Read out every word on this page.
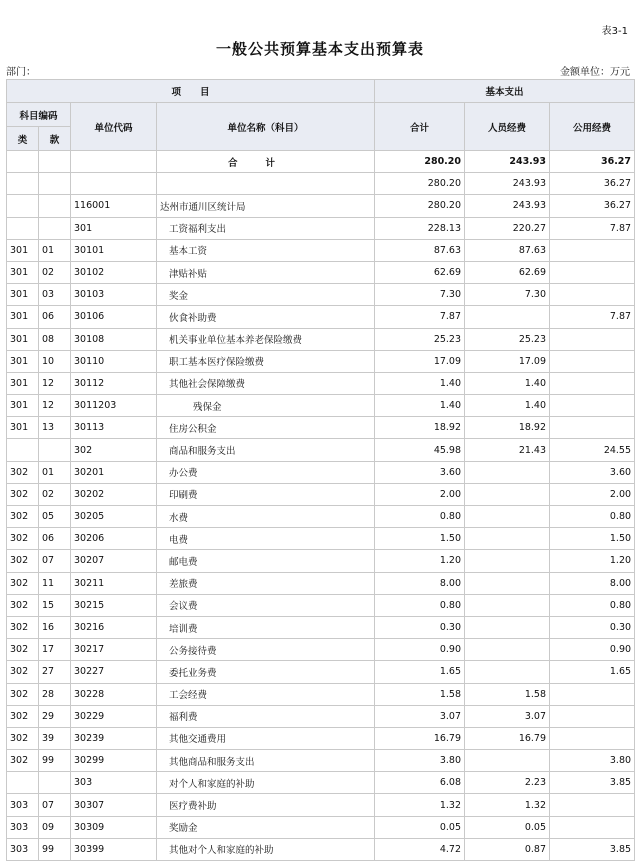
表3-1
一般公共预算基本支出预算表
部门：	金额单位：万元
项　　目				基本支出		
科目编码		单位代码	单位名称（科目）	合计	人员经费	公用经费
类	款					
			合计	280.20	243.93	36.27
				280.20	243.93	36.27
		116001	达州市通川区统计局	280.20	243.93	36.27
		301	工资福利支出	228.13	220.27	7.87
301	01	30101	基本工资	87.63	87.63	
301	02	30102	津贴补贴	62.69	62.69	
301	03	30103	奖金	7.30	7.30	
301	06	30106	伙食补助费	7.87		7.87
301	08	30108	机关事业单位基本养老保险缴费	25.23	25.23	
301	10	30110	职工基本医疗保险缴费	17.09	17.09	
301	12	30112	其他社会保障缴费	1.40	1.40	
301	12	3011203	残保金	1.40	1.40	
301	13	30113	住房公积金	18.92	18.92	
		302	商品和服务支出	45.98	21.43	24.55
302	01	30201	办公费	3.60		3.60
302	02	30202	印刷费	2.00		2.00
302	05	30205	水费	0.80		0.80
302	06	30206	电费	1.50		1.50
302	07	30207	邮电费	1.20		1.20
302	11	30211	差旅费	8.00		8.00
302	15	30215	会议费	0.80		0.80
302	16	30216	培训费	0.30		0.30
302	17	30217	公务接待费	0.90		0.90
302	27	30227	委托业务费	1.65		1.65
302	28	30228	工会经费	1.58	1.58	
302	29	30229	福利费	3.07	3.07	
302	39	30239	其他交通费用	16.79	16.79	
302	99	30299	其他商品和服务支出	3.80		3.80
		303	对个人和家庭的补助	6.08	2.23	3.85
303	07	30307	医疗费补助	1.32	1.32	
303	09	30309	奖励金	0.05	0.05	
303	99	30399	其他对个人和家庭的补助	4.72	0.87	3.85
